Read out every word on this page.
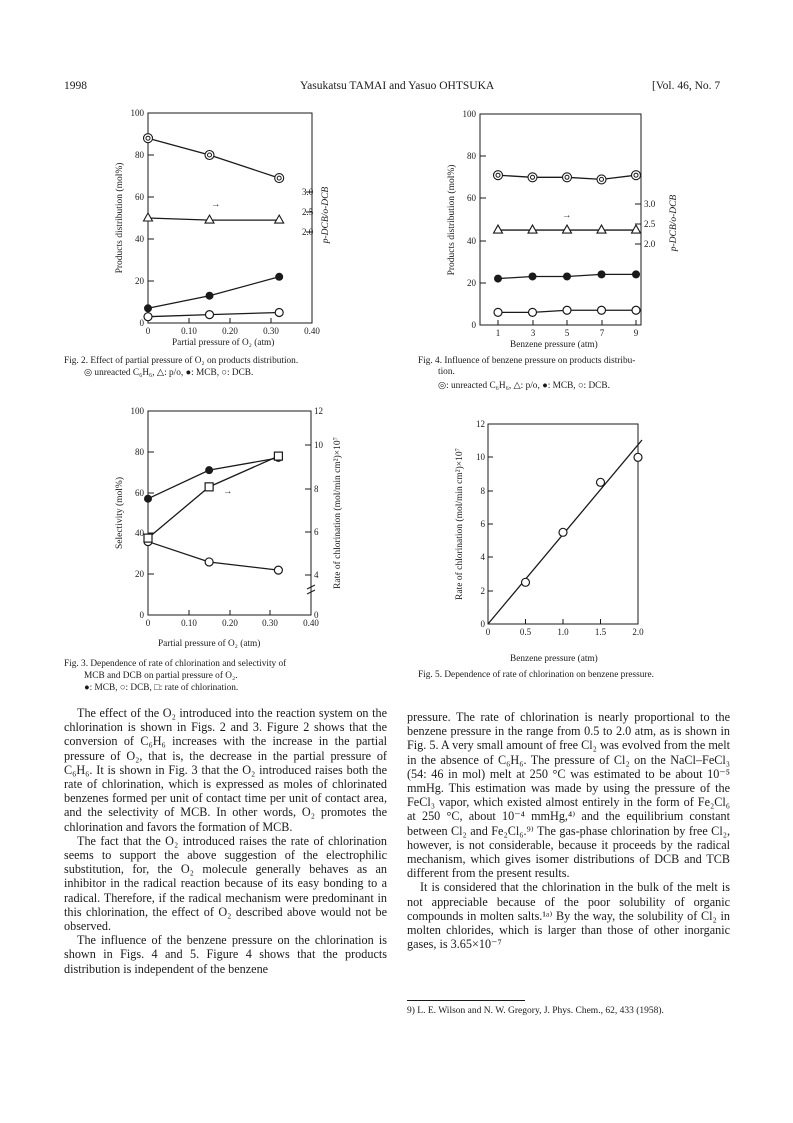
1998	Yasukatsu TAMAI and Yasuo OHTSUKA	[Vol. 46, No. 7
0
20
40
60
80
100
0	0.10	0.20	0.30	0.40
Products distribution (mol%)	3.0
2.5
2.0 p-DCB/o-DCB
→
Partial pressure of O₂ (atm)
Fig. 2. Effect of partial pressure of O₂ on products distribution.
◎ unreacted C₆H₆, △: p/o, ●: MCB, ○: DCB.
0
20
40
60
80
100
0	0.10	0.20	0.30	0.40
Selectivity (mol%)
0
4
6
8
10
12
Rate of chlorination (mol/min cm²)×10⁷
→
Partial pressure of O₂ (atm)
Fig. 3. Dependence of rate of chlorination and selectivity of
MCB and DCB on partial pressure of O₂.
●: MCB, ○: DCB, □: rate of chlorination.
0
20
40
60
80
100
1	3	5	7	9
Products distribution (mol%)	3.0
2.5
2.0 p-DCB/o-DCB
→
Benzene pressure (atm)
Fig. 4. Influence of benzene pressure on products distribu-
tion.
◎: unreacted C₆H₆, △: p/o, ●: MCB, ○: DCB.
0
2
4
6
8
10
12
0	0.5	1.0	1.5	2.0
Rate of chlorination (mol/min cm²)×10⁷
Benzene pressure (atm)
Fig. 5. Dependence of rate of chlorination on benzene pressure.

The effect of the O₂ introduced into the reaction system on the chlorination is shown in Figs. 2 and 3. Figure 2 shows that the conversion of C₆H₆ increases with the increase in the partial pressure of O₂, that is, the decrease in the partial pressure of C₆H₆. It is shown in Fig. 3 that the O₂ introduced raises both the rate of chlorination, which is expressed as moles of chlorinated benzenes formed per unit of contact time per unit of contact area, and the selectivity of MCB. In other words, O₂ promotes the chlorination and favors the formation of MCB.

The fact that the O₂ introduced raises the rate of chlorination seems to support the above suggestion of the electrophilic substitution, for, the O₂ molecule generally behaves as an inhibitor in the radical reaction because of its easy bonding to a radical. Therefore, if the radical mechanism were predominant in this chlorination, the effect of O₂ described above would not be observed.

The influence of the benzene pressure on the chlorination is shown in Figs. 4 and 5. Figure 4 shows that the products distribution is independent of the benzene

pressure. The rate of chlorination is nearly proportional to the benzene pressure in the range from 0.5 to 2.0 atm, as is shown in Fig. 5. A very small amount of free Cl₂ was evolved from the melt in the absence of C₆H₆. The pressure of Cl₂ on the NaCl–FeCl₃ (54: 46 in mol) melt at 250 °C was estimated to be about 10⁻⁵ mmHg. This estimation was made by using the pressure of the FeCl₃ vapor, which existed almost entirely in the form of Fe₂Cl₆ at 250 °C, about 10⁻⁴ mmHg,⁴⁾ and the equilibrium constant between Cl₂ and Fe₂Cl₆.⁹⁾ The gas-phase chlorination by free Cl₂, however, is not considerable, because it proceeds by the radical mechanism, which gives isomer distributions of DCB and TCB different from the present results.

It is considered that the chlorination in the bulk of the melt is not appreciable because of the poor solubility of organic compounds in molten salts.¹ᵃ⁾ By the way, the solubility of Cl₂ in molten chlorides, which is larger than those of other inorganic gases, is 3.65×10⁻⁷

9) L. E. Wilson and N. W. Gregory, J. Phys. Chem., 62, 433 (1958).
